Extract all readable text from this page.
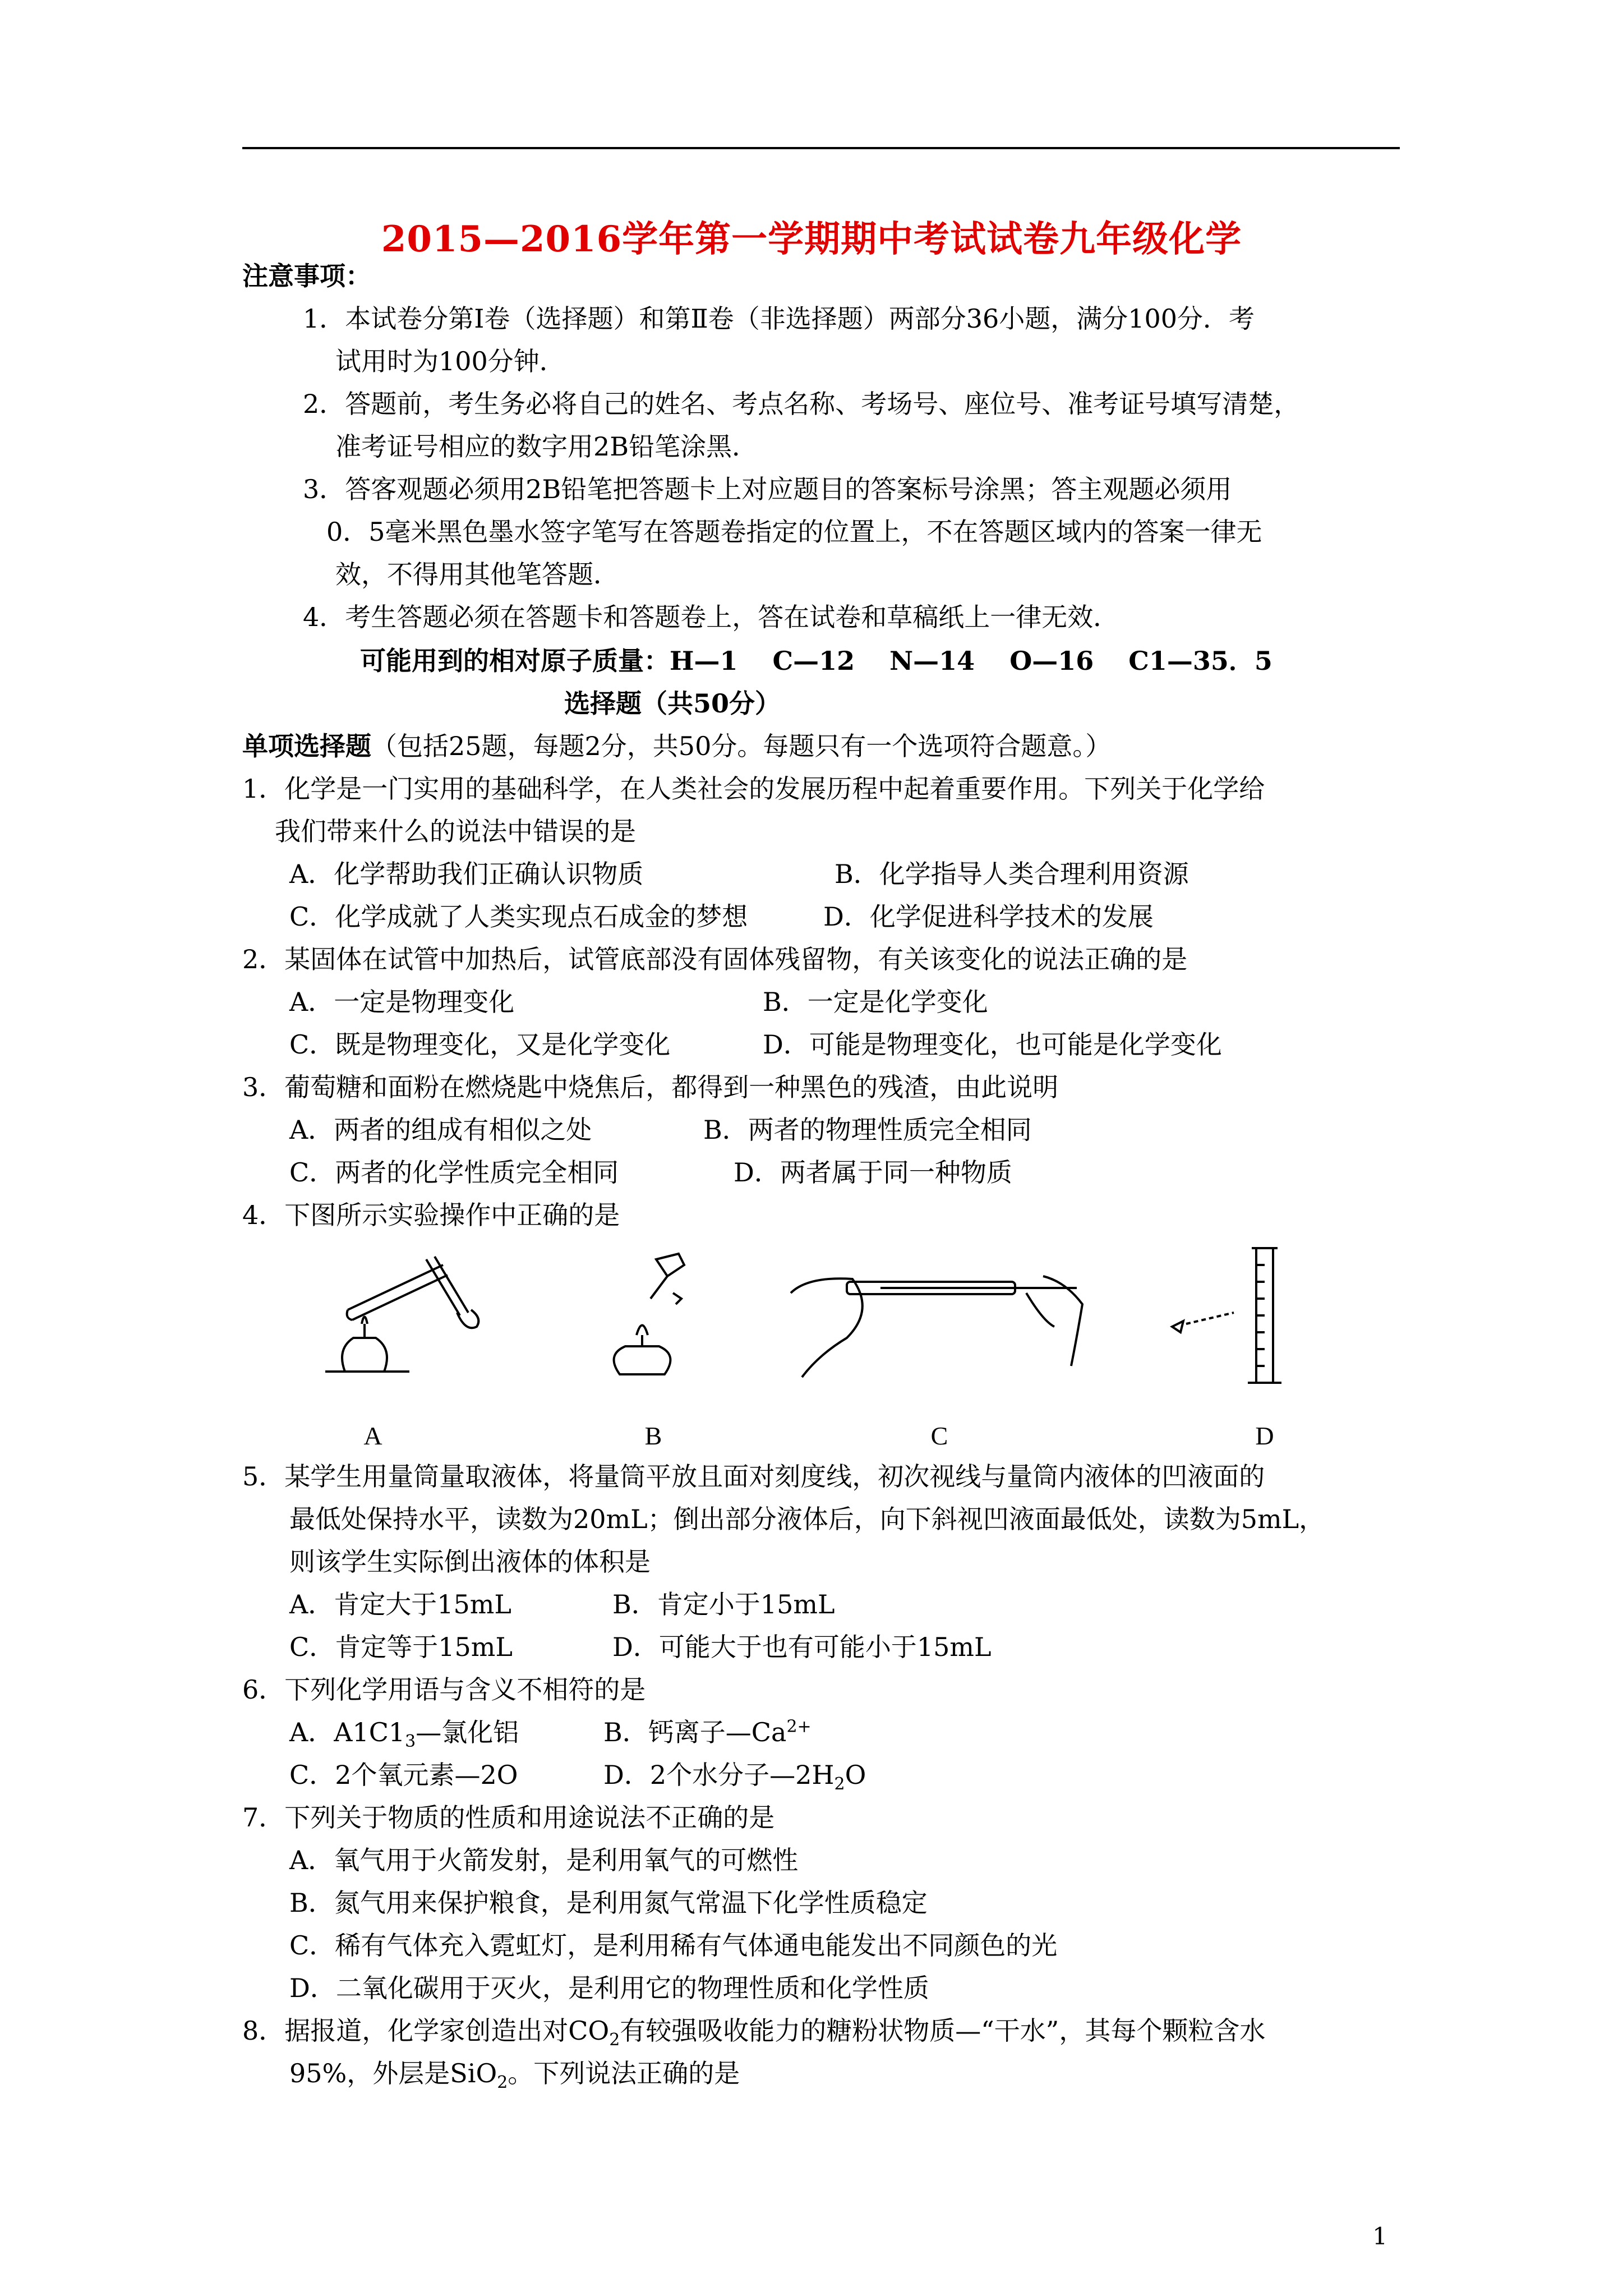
2015—2016学年第一学期期中考试试卷九年级化学
注意事项：
1．本试卷分第Ⅰ卷（选择题）和第Ⅱ卷（非选择题）两部分36小题，满分100分．考
试用时为100分钟．
2．答题前，考生务必将自己的姓名、考点名称、考场号、座位号、准考证号填写清楚，
准考证号相应的数字用2B铅笔涂黑．
3．答客观题必须用2B铅笔把答题卡上对应题目的答案标号涂黑；答主观题必须用
0．5毫米黑色墨水签字笔写在答题卷指定的位置上，不在答题区域内的答案一律无
效，不得用其他笔答题．
4．考生答题必须在答题卡和答题卷上，答在试卷和草稿纸上一律无效．
可能用到的相对原子质量：H—1　 C—12　 N—14　 O—16　 C1—35．5
选择题（共50分）
单项选择题（包括25题，每题2分，共50分。每题只有一个选项符合题意。）
1．化学是一门实用的基础科学，在人类社会的发展历程中起着重要作用。下列关于化学给
我们带来什么的说法中错误的是
A．化学帮助我们正确认识物质	B．化学指导人类合理利用资源
C．化学成就了人类实现点石成金的梦想	D．化学促进科学技术的发展
2．某固体在试管中加热后，试管底部没有固体残留物，有关该变化的说法正确的是
A．一定是物理变化	B．一定是化学变化
C．既是物理变化，又是化学变化	D．可能是物理变化，也可能是化学变化
3．葡萄糖和面粉在燃烧匙中烧焦后，都得到一种黑色的残渣，由此说明
A．两者的组成有相似之处	B．两者的物理性质完全相同
C．两者的化学性质完全相同	D．两者属于同一种物质
4．下图所示实验操作中正确的是
A	B	C	D
5．某学生用量筒量取液体，将量筒平放且面对刻度线，初次视线与量筒内液体的凹液面的
最低处保持水平，读数为20mL；倒出部分液体后，向下斜视凹液面最低处，读数为5mL，
则该学生实际倒出液体的体积是
A．肯定大于15mL	B．肯定小于15mL
C．肯定等于15mL	D．可能大于也有可能小于15mL
6．下列化学用语与含义不相符的是
A．$A1C1_3—$氯化铝	B．钙离子$—Ca^{2+}$
C．2个氧元素—2O	D．2个水分子$—2H_2O$
7．下列关于物质的性质和用途说法不正确的是
A．氧气用于火箭发射，是利用氧气的可燃性
B．氮气用来保护粮食，是利用氮气常温下化学性质稳定
C．稀有气体充入霓虹灯，是利用稀有气体通电能发出不同颜色的光
D．二氧化碳用于灭火，是利用它的物理性质和化学性质
8．据报道，化学家创造出对$CO_2$有较强吸收能力的糖粉状物质—“干水”，其每个颗粒含水
95%，外层是SiO$_2$。下列说法正确的是
1
